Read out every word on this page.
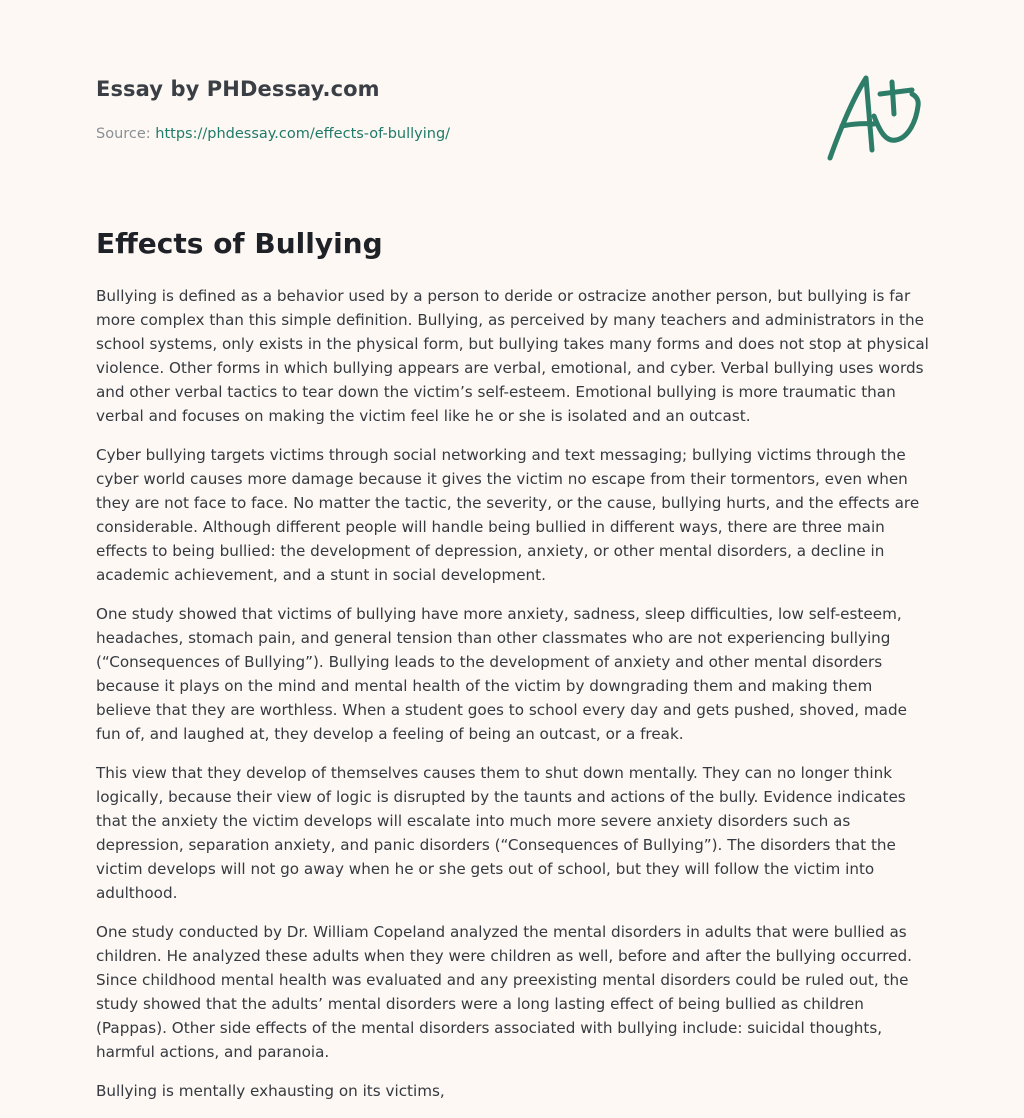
Essay by PHDessay.com
Source: https://phdessay.com/effects-of-bullying/
Effects of Bullying

Bullying is defined as a behavior used by a person to deride or ostracize another person, but bullying is far more complex than this simple definition. Bullying, as perceived by many teachers and administrators in the school systems, only exists in the physical form, but bullying takes many forms and does not stop at physical violence. Other forms in which bullying appears are verbal, emotional, and cyber. Verbal bullying uses words and other verbal tactics to tear down the victim’s self-esteem. Emotional bullying is more traumatic than verbal and focuses on making the victim feel like he or she is isolated and an outcast.

Cyber bullying targets victims through social networking and text messaging; bullying victims through the cyber world causes more damage because it gives the victim no escape from their tormentors, even when they are not face to face. No matter the tactic, the severity, or the cause, bullying hurts, and the effects are considerable. Although different people will handle being bullied in different ways, there are three main effects to being bullied: the development of depression, anxiety, or other mental disorders, a decline in academic achievement, and a stunt in social development.

One study showed that victims of bullying have more anxiety, sadness, sleep difficulties, low self-esteem, headaches, stomach pain, and general tension than other classmates who are not experiencing bullying (“Consequences of Bullying”). Bullying leads to the development of anxiety and other mental disorders because it plays on the mind and mental health of the victim by downgrading them and making them believe that they are worthless. When a student goes to school every day and gets pushed, shoved, made fun of, and laughed at, they develop a feeling of being an outcast, or a freak.

This view that they develop of themselves causes them to shut down mentally. They can no longer think logically, because their view of logic is disrupted by the taunts and actions of the bully. Evidence indicates that the anxiety the victim develops will escalate into much more severe anxiety disorders such as depression, separation anxiety, and panic disorders (“Consequences of Bullying”). The disorders that the victim develops will not go away when he or she gets out of school, but they will follow the victim into adulthood.

One study conducted by Dr. William Copeland analyzed the mental disorders in adults that were bullied as children. He analyzed these adults when they were children as well, before and after the bullying occurred. Since childhood mental health was evaluated and any preexisting mental disorders could be ruled out, the study showed that the adults’ mental disorders were a long lasting effect of being bullied as children (Pappas). Other side effects of the mental disorders associated with bullying include: suicidal thoughts, harmful actions, and paranoia.

Bullying is mentally exhausting on its victims,
